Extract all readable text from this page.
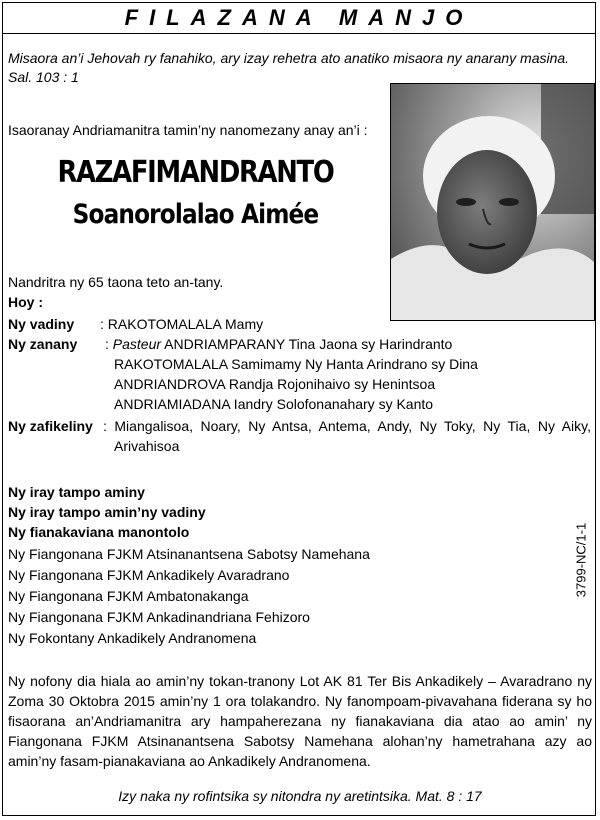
FILAZANA MANJO
Misaora an’i Jehovah ry fanahiko, ary izay rehetra ato anatiko misaora ny anarany masina.
Sal. 103 : 1
Isaoranay Andriamanitra tamin’ny nanomezany anay an’i :
RAZAFIMANDRANTO
Soanorolalao Aimée
Nandritra ny 65 taona teto an-tany.
Hoy :
Ny vadiny : RAKOTOMALALA Mamy
Ny zanany : Pasteur ANDRIAMPARANY Tina Jaona sy Harindranto
RAKOTOMALALA Samimamy Ny Hanta Arindrano sy Dina
ANDRIANDROVA Randja Rojonihaivo sy Henintsoa
ANDRIAMIADANA Iandry Solofonanahary sy Kanto
Ny zafikeliny : Miangalisoa, Noary, Ny Antsa, Antema, Andy, Ny Toky, Ny Tia, Ny Aiky,
Arivahisoa
Ny iray tampo aminy
Ny iray tampo amin’ny vadiny
Ny fianakaviana manontolo
Ny Fiangonana FJKM Atsinanantsena Sabotsy Namehana
Ny Fiangonana FJKM Ankadikely Avaradrano
Ny Fiangonana FJKM Ambatonakanga
Ny Fiangonana FJKM Ankadinandriana Fehizoro
Ny Fokontany Ankadikely Andranomena
3799-NC/1-1
Ny nofony dia hiala ao amin’ny tokan-tranony Lot AK 81 Ter Bis Ankadikely – Avaradrano ny Zoma 30 Oktobra 2015 amin’ny 1 ora tolakandro. Ny fanompoam-pivavahana fiderana sy ho fisaorana an’Andriamanitra ary hampaherezana ny fianakaviana dia atao ao amin’ ny Fiangonana FJKM Atsinanantsena Sabotsy Namehana alohan’ny hametrahana azy ao amin’ny fasam-pianakaviana ao Ankadikely Andranomena.
Izy naka ny rofintsika sy nitondra ny aretintsika. Mat. 8 : 17
